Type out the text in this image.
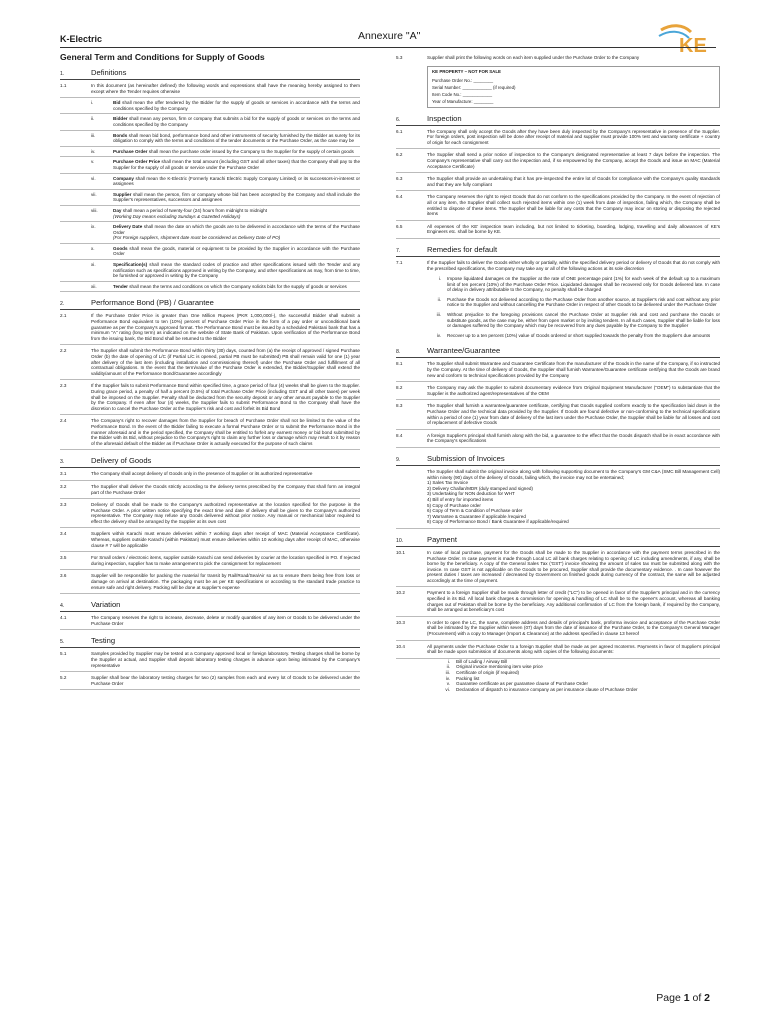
K-Electric	Annexure "A"	KE
General Term and Conditions for Supply of Goods
1.	Definitions
1.1	In this document (as hereinafter defined) the following words and expressions shall have the meaning hereby assigned to them except where the Tender requires otherwise
i.	Bid shall mean the offer tendered by the Bidder for the supply of goods or services in accordance with the terms and conditions specified by the Company
ii.	Bidder shall mean any person, firm or company that submits a bid for the supply of goods or services on the terms and conditions specified by the Company
iii.	Bonds shall mean bid bond, performance bond and other instruments of security furnished by the Bidder as surety for its obligation to comply with the terms and conditions of the tender documents or the Purchase Order, as the case may be
iv.	Purchase Order shall mean the purchase order issued by the Company to the Supplier for the supply of certain goods
v.	Purchase Order Price shall mean the total amount (including GST and all other taxes) that the Company shall pay to the Supplier for the supply of all goods or service under the Purchase Order
vi.	Company shall mean the K-Electric (Formerly Karachi Electric Supply Company Limited) or its successors-in-interest or assignees
vii.	Supplier shall mean the person, firm or company whose bid has been accepted by the Company and shall include the Supplier's representatives, successors and assignees
viii.	Day shall mean a period of twenty-four (24) hours from midnight to midnight
(Working Day means excluding Sundays & Gazetted Holidays)
ix.	Delivery Date shall mean the date on which the goods are to be delivered in accordance with the terms of the Purchase Order
(For Foreign suppliers, shipment date must be considered as Delivery Date of PO)
x.	Goods shall mean the goods, material or equipment to be provided by the Supplier in accordance with the Purchase Order
xi.	Specification(s) shall mean the standard codes of practice and other specifications issued with the Tender and any notification such as specifications approved in writing by the Company, and other specifications as may, from time to time, be furnished or approved in writing by the Company
xii.	Tender shall mean the terms and conditions on which the Company solicits bids for the supply of goods or services
2.	Performance Bond (PB) / Guarantee
2.1	If the Purchase Order Price is greater than One Million Rupees (PKR 1,000,000/-), the successful Bidder shall submit a Performance Bond equivalent to ten (10%) percent of Purchase Order Price in the form of a pay order or unconditional bank guarantee as per the Company's approved format. The Performance Bond must be issued by a scheduled Pakistani bank that has a minimum "A" rating (long term) as indicated on the website of State Bank of Pakistan. Upon verification of the Performance Bond from the issuing bank, the Bid Bond shall be returned to the Bidder
2.2	The Supplier shall submit the Performance Bond within thirty (30) days, counted from (a) the receipt of approved / signed Purchase Order (b) the date of opening of L/C (if Partial L/C is opened, partial PB must be submitted) PB shall remain valid for one (1) year after delivery of the last item (including installation and commissioning thereof) under the Purchase Order and fulfillment of all contractual obligations. In the event that the term/value of the Purchase Order is extended, the Bidder/Supplier shall extend the validity/amount of the Performance Bond/Guarantee accordingly
2.3	If the Supplier fails to submit Performance Bond within specified time, a grace period of four (4) weeks shall be given to the Supplier. During grace period, a penalty of half a percent (0.5%) of total Purchase Order Price (including GST and all other taxes) per week shall be imposed on the Supplier. Penalty shall be deducted from the security deposit or any other amount payable to the Supplier by the Company. If even after four (4) weeks, the Supplier fails to submit Performance Bond to the Company shall have the discretion to cancel the Purchase Order at the Supplier's risk and cost and forfeit its Bid Bond
2.4	The Company's right to recover damages from the Supplier for breach of Purchase Order shall not be limited to the value of the Performance Bond. In the event of the Bidder failing to execute a formal Purchase Order or to submit the Performance Bond in the manner aforesaid and in the period specified, the Company shall be entitled to forfeit any earnest money or bid bond submitted by the Bidder with its Bid, without prejudice to the Company's right to claim any further loss or damage which may result to it by reason of the aforesaid default of the Bidder as if Purchase Order is actually executed for the purpose of such claims
3.	Delivery of Goods
3.1	The Company shall accept delivery of Goods only in the presence of Supplier or its authorized representative
3.2	The Supplier shall deliver the Goods strictly according to the delivery terms prescribed by the Company that shall form an integral part of the Purchase Order
3.3	Delivery of Goods shall be made to the Company's authorized representative at the location specified for the purpose in the Purchase Order. A prior written notice specifying the exact time and date of delivery shall be given to the Company's authorized representative. The Company may refuse any Goods delivered without prior notice. Any manual or mechanical labor required to effect the delivery shall be arranged by the Supplier at its own cost
3.4	Suppliers within Karachi must ensure deliveries within 7 working days after receipt of MAC (Material Acceptance Certificate). Whereas, suppliers outside Karachi (within Pakistan) must ensure deliveries within 10 working days after receipt of MAC, otherwise clause # 7 will be applicable
3.5	For Small orders / electronic items, supplier outside Karachi can send deliveries by courier at the location specified in PO. If rejected during inspection, supplier has to make arrangement to pick the consignment for replacement
3.6	Supplier will be responsible for packing the material for transit by Rail/Road/Sea/Air so as to ensure them being free from loss or damage on arrival at destination. The packaging must be as per KE specifications or according to the standard trade practice to ensure safe and right delivery. Packing will be done at supplier's expense
4.	Variation
4.1	The Company reserves the right to increase, decrease, delete or modify quantities of any item or Goods to be delivered under the Purchase Order
5.	Testing
5.1	Samples provided by Supplier may be tested at a Company approved local or foreign laboratory. Testing charges shall be borne by the Supplier at actual, and Supplier shall deposit laboratory testing charges in advance upon being intimated by the Company's representative
5.2	Supplier shall bear the laboratory testing charges for two (2) samples from each and every lot of Goods to be delivered under the Purchase Order
5.3	Supplier shall print the following words on each item supplied under the Purchase Order to the Company
KE PROPERTY – NOT FOR SALE
Purchase Order No.: ________
Serial Number: ____________ (if required)
Item Code No.: ____________
Year of Manufacture: ________
6.	Inspection
6.1	The Company shall only accept the Goods after they have been duly inspected by the Company's representative in presence of the Supplier. For foreign orders, post inspection will be done after receipt of material and supplier must provide 100% test and warranty certificate + country of origin for each consignment
6.2	The Supplier shall send a prior notice of inspection to the Company's designated representative at least 7 days before the inspection. The Company's representative shall carry out the inspection and, if so empowered by the Company, accept the Goods and issue an MAC (Material Acceptance Certificate)
6.3	The Supplier shall provide an undertaking that it has pre-inspected the entire lot of Goods for compliance with the Company's quality standards and that they are fully compliant
6.4	The Company reserves the right to reject Goods that do not conform to the specifications provided by the Company. In the event of rejection of all or any item, the Supplier shall collect such rejected items within one (1) week from date of inspection, failing which, the Company shall be entitled to dispose of these items. The Supplier shall be liable for any costs that the Company may incur on storing or disposing the rejected items
6.5	All expenses of the KE' inspection team including, but not limited to ticketing, boarding, lodging, travelling and daily allowances of KE's Engineers etc. shall be borne by KE.
7.	Remedies for default
7.1	If the Supplier fails to deliver the Goods either wholly or partially, within the specified delivery period or delivery of Goods that do not comply with the prescribed specifications, the Company may take any or all of the following actions at its sole discretion
i.	Impose liquidated damages on the Supplier at the rate of ONE percentage point (1%) for each week of the default up to a maximum limit of ten percent (10%) of the Purchase Order Price. Liquidated damages shall be recovered only for Goods delivered late. In case of delay in delivery attributable to the Company, no penalty shall be charged
ii.	Purchase the Goods not delivered according to the Purchase Order from another source, at Supplier's risk and cost without any prior notice to the Supplier and without cancelling the Purchase Order in respect of other Goods to be delivered under the Purchase Order
iii.	Without prejudice to the foregoing provisions cancel the Purchase Order at Supplier risk and cost and purchase the Goods or substitute goods, as the case may be, either from open market or by inviting tenders. In all such cases, Supplier shall be liable for loss or damages suffered by the Company which may be recovered from any dues payable by the Company to the Supplier
iv.	Recover up to a ten percent (10%) value of Goods ordered or short supplied towards the penalty from the Supplier's due amounts
8.	Warrantee/Guarantee
8.1	The Supplier shall submit Warrantee and Guarantee Certificate from the manufacturer of the Goods in the name of the Company, if so instructed by the Company. At the time of delivery of Goods, the Supplier shall furnish Warrantee/Guarantee certificate certifying that the Goods are brand new and conform to technical specifications provided by the Company
8.2	The Company may ask the Supplier to submit documentary evidence from Original Equipment Manufacturer ("OEM") to substantiate that the Supplier is the authorized agent/representatives of the OEM
8.3	The Supplier shall furnish a warrantee/guarantee certificate, certifying that Goods supplied conform exactly to the specification laid down in the Purchase Order and the technical data provided by the Supplier. If Goods are found defective or non-conforming to the technical specifications within a period of one (1) year from date of delivery of the last item under the Purchase Order, the Supplier shall be liable for all losses and cost of replacement of defective Goods
8.4	A foreign Supplier's principal shall furnish along with the bid, a guarantee to the effect that the Goods dispatch shall be in exact accordance with the Company's specifications
9.	Submission of Invoices
The Supplier shall submit the original invoice along with following supporting document to the Company's GM C&A (SMC Bill Management Cell) within ninety (90) days of the delivery of Goods, failing which, the invoice may not be entertained;
1) Sales Tax Invoice
2) Delivery Challan/MDR (duly stamped and signed)
3) Undertaking for NON deduction for WHT
4) Bill of entry for imported items
5) Copy of Purchase order
6) Copy of Term & Condition of Purchase order
7) Warrantee & Guarantee if applicable /required
8) Copy of Performance Bond / Bank Guarantee if applicable/required
10.	Payment
10.1	In case of local purchase, payment for the Goods shall be made to the Supplier in accordance with the payment terms prescribed in the Purchase Order. In case payment is made through Local LC all bank charges relating to opening of LC including amendments, if any, shall be borne by the beneficiary. A copy of the General Sales Tax ('GST') invoice showing the amount of sales tax must be submitted along with the invoice. In case GST is not applicable on the Goods to be procured, Supplier shall provide the documentary evidence. . In case however the present duties / taxes are increased / decreased by Government on finished goods during currency of the contract, the same will be adjusted accordingly at the time of payment.
10.2	Payment to a foreign Supplier shall be made through letter of credit ("LC") to be opened in favor of the Supplier's principal and in the currency specified in its Bid. All local bank charges & commission for opening & handling of LC shall be to the opener's account, whereas all banking charges out of Pakistan shall be borne by the beneficiary. Any additional confirmation of LC from the foreign bank, if required by the Company, shall be arranged at beneficiary's cost
10.3	In order to open the LC, the name, complete address and details of principal's bank, proforma invoice and acceptance of the Purchase Order shall be intimated by the Supplier within seven (07) days from the date of issuance of the Purchase Order, to the Company's General Manager (Procurement) with a copy to Manager (Import & Clearance) at the address specified in clause 13 hereof
10.4	All payments under the Purchase Order to a foreign Supplier shall be made as per agreed Incoterms. Payments in favor of Supplier's principal shall be made upon submission of documents along with copies of the following documents:
i.	Bill of Lading / Airway Bill
ii.	Original invoice mentioning item wise price
iii.	Certificate of origin (if required)
iv.	Packing list
v.	Guarantee certificate as per guarantee clause of Purchase Order
vi.	Declaration of dispatch to insurance company as per insurance clause of Purchase Order
Page 1 of 2
